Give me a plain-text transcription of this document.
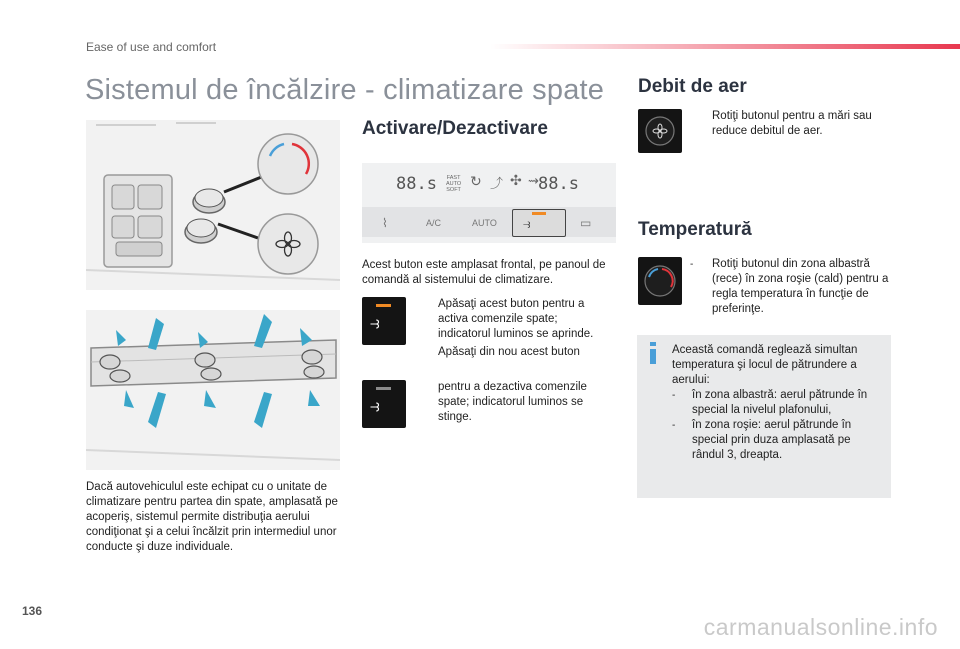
Ease of use and comfort
Sistemul de încălzire - climatizare spate
Dacă autovehiculul este echipat cu o unitate de climatizare pentru partea din spate, amplasată pe acoperiş, sistemul permite distribuţia aerului condiţionat şi a celui încălzit prin intermediul unor conducte şi duze individuale.
Activare/Dezactivare
88.s FAST
AUTO
SOFT
↻ ⤴ ✣ ⇝ 88.s
⌇	A/C	AUTO ⥽	▭
Acest buton este amplasat frontal, pe panoul de comandă al sistemului de climatizare.
⥽
Apăsaţi acest buton pentru a activa comenzile spate; indicatorul luminos se aprinde.
Apăsaţi din nou acest buton
⥽
pentru a dezactiva comenzile spate; indicatorul luminos se stinge.
Debit de aer
Rotiţi butonul pentru a mări sau reduce debitul de aer.
Temperatură
-	Rotiţi butonul din zona albastră (rece) în zona roşie (cald) pentru a regla temperatura în funcţie de preferinţe.
Această comandă reglează simultan temperatura şi locul de pătrundere a aerului:
-	în zona albastră: aerul pătrunde în special la nivelul plafonului,
-	în zona roşie: aerul pătrunde în special prin duza amplasată pe rândul 3, dreapta.
136
carmanualsonline.info
